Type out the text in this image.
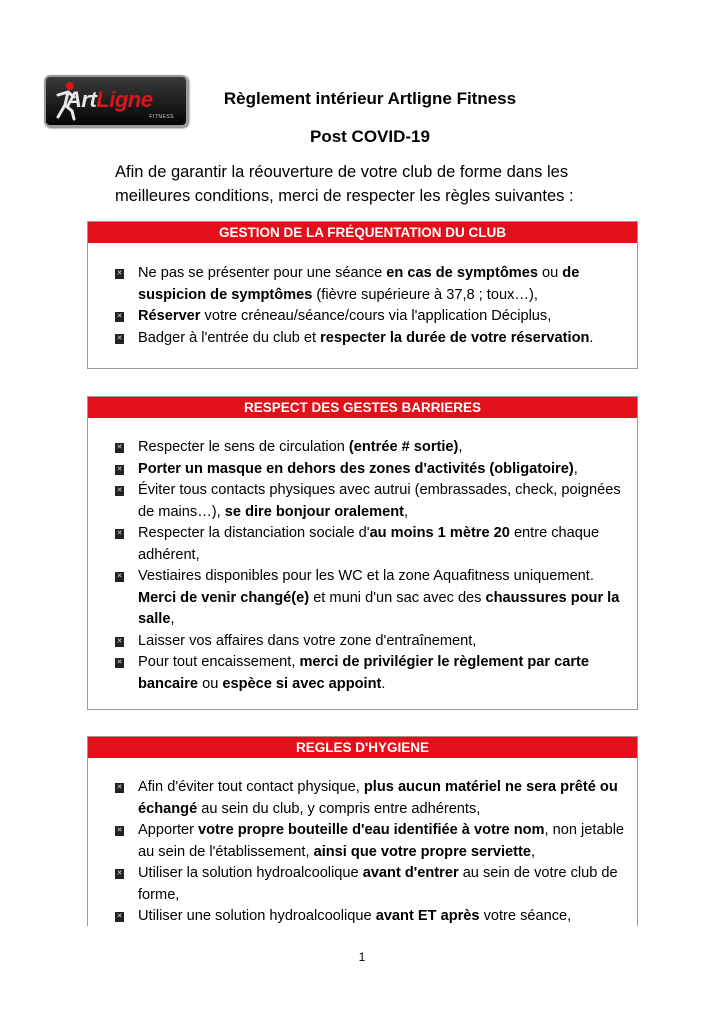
ArtLigne
FITNESS
Règlement intérieur Artligne Fitness
Post COVID-19

Afin de garantir la réouverture de votre club de forme dans les meilleures conditions, merci de respecter les règles suivantes :

GESTION DE LA FRÉQUENTATION DU CLUB
✕ Ne pas se présenter pour une séance en cas de symptômes ou de suspicion de symptômes (fièvre supérieure à 37,8 ; toux…),
✕ Réserver votre créneau/séance/cours via l'application Déciplus,
✕ Badger à l'entrée du club et respecter la durée de votre réservation.
RESPECT DES GESTES BARRIERES
✕ Respecter le sens de circulation (entrée # sortie),
✕ Porter un masque en dehors des zones d'activités (obligatoire),
✕ Éviter tous contacts physiques avec autrui (embrassades, check, poignées de mains…), se dire bonjour oralement,
✕ Respecter la distanciation sociale d'au moins 1 mètre 20 entre chaque adhérent,
✕ Vestiaires disponibles pour les WC et la zone Aquafitness uniquement. Merci de venir changé(e) et muni d'un sac avec des chaussures pour la salle,
✕ Laisser vos affaires dans votre zone d'entraînement,
✕ Pour tout encaissement, merci de privilégier le règlement par carte bancaire ou espèce si avec appoint.
REGLES D'HYGIENE
✕ Afin d'éviter tout contact physique, plus aucun matériel ne sera prêté ou échangé au sein du club, y compris entre adhérents,
✕ Apporter votre propre bouteille d'eau identifiée à votre nom, non jetable au sein de l'établissement, ainsi que votre propre serviette,
✕ Utiliser la solution hydroalcoolique avant d'entrer au sein de votre club de forme,
✕ Utiliser une solution hydroalcoolique avant ET après votre séance,
1
